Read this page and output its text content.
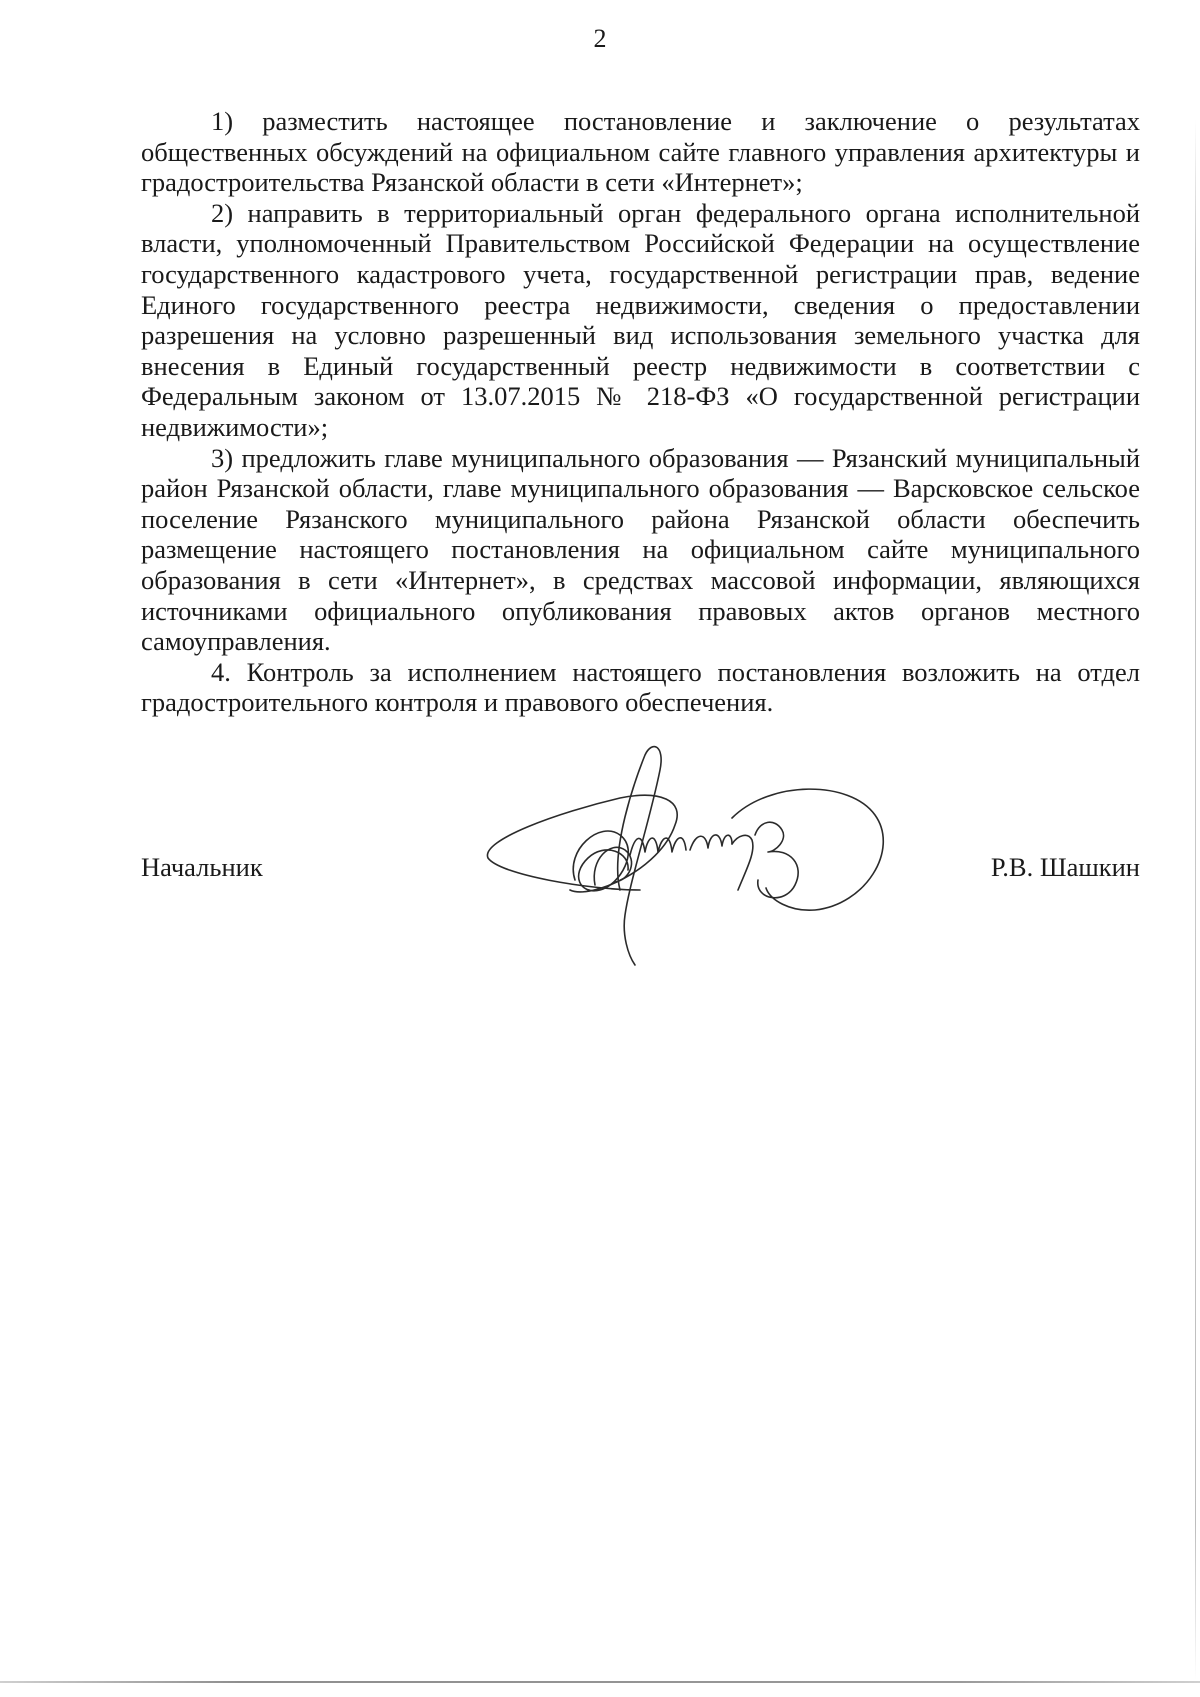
2

1) разместить настоящее постановление и заключение о результатах общественных обсуждений на официальном сайте главного управления архитектуры и градостроительства Рязанской области в сети «Интернет»;

2) направить в территориальный орган федерального органа исполнительной власти, уполномоченный Правительством Российской Федерации на осуществление государственного кадастрового учета, государственной регистрации прав, ведение Единого государственного реестра недвижимости, сведения о предоставлении разрешения на условно разрешенный вид использования земельного участка для внесения в Единый государственный реестр недвижимости в соответствии с Федеральным законом от 13.07.2015 № 218-ФЗ «О государственной регистрации недвижимости»;

3) предложить главе муниципального образования — Рязанский муниципальный район Рязанской области, главе муниципального образования — Варсковское сельское поселение Рязанского муниципального района Рязанской области обеспечить размещение настоящего постановления на официальном сайте муниципального образования в сети «Интернет», в средствах массовой информации, являющихся источниками официального опубликования правовых актов органов местного самоуправления.

4. Контроль за исполнением настоящего постановления возложить на отдел градостроительного контроля и правового обеспечения.

Начальник	Р.В. Шашкин
